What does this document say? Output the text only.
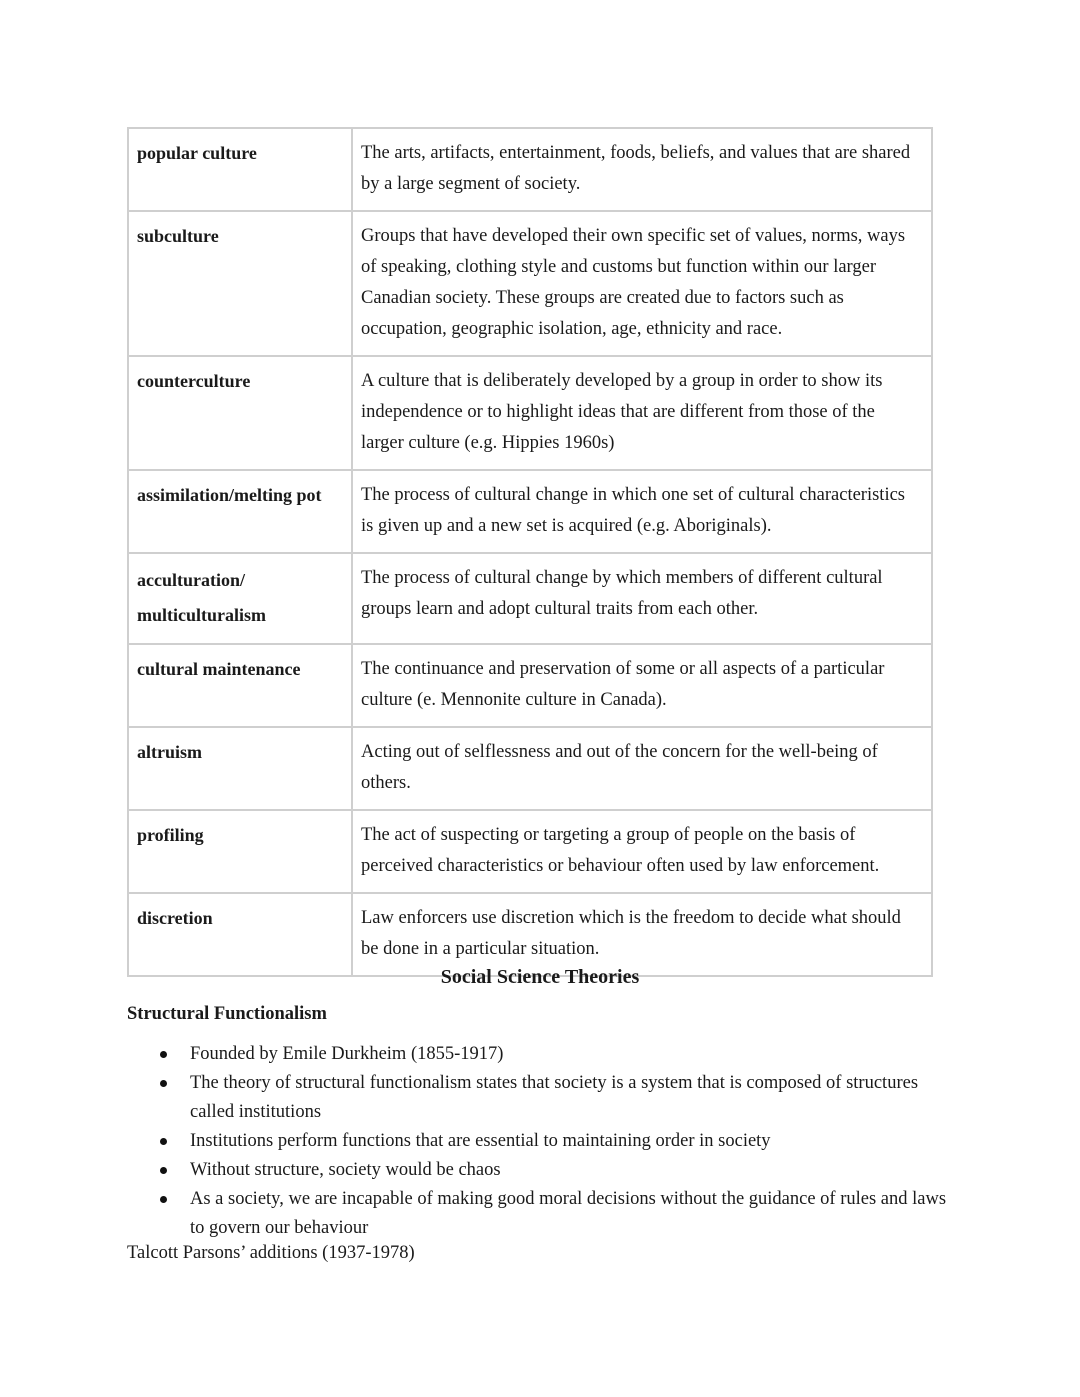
popular culture	The arts, artifacts, entertainment, foods, beliefs, and values that are shared by a large segment of society.
subculture	Groups that have developed their own specific set of values, norms, ways of speaking, clothing style and customs but function within our larger Canadian society. These groups are created due to factors such as occupation, geographic isolation, age, ethnicity and race.
counterculture	A culture that is deliberately developed by a group in order to show its independence or to highlight ideas that are different from those of the larger culture (e.g. Hippies 1960s)
assimilation/melting pot	The process of cultural change in which one set of cultural characteristics is given up and a new set is acquired (e.g. Aboriginals).

acculturation/ multiculturalism	The process of cultural change by which members of different cultural groups learn and adopt cultural traits from each other.
cultural maintenance	The continuance and preservation of some or all aspects of a particular culture (e. Mennonite culture in Canada).
altruism	Acting out of selflessness and out of the concern for the well-being of others.
profiling	The act of suspecting or targeting a group of people on the basis of perceived characteristics or behaviour often used by law enforcement.
discretion	Law enforcers use discretion which is the freedom to decide what should be done in a particular situation.
Social Science Theories
Structural Functionalism
Founded by Emile Durkheim (1855-1917)
The theory of structural functionalism states that society is a system that is composed of structures called institutions
Institutions perform functions that are essential to maintaining order in society
Without structure, society would be chaos
As a society, we are incapable of making good moral decisions without the guidance of rules and laws to govern our behaviour
Talcott Parsons’ additions (1937-1978)
